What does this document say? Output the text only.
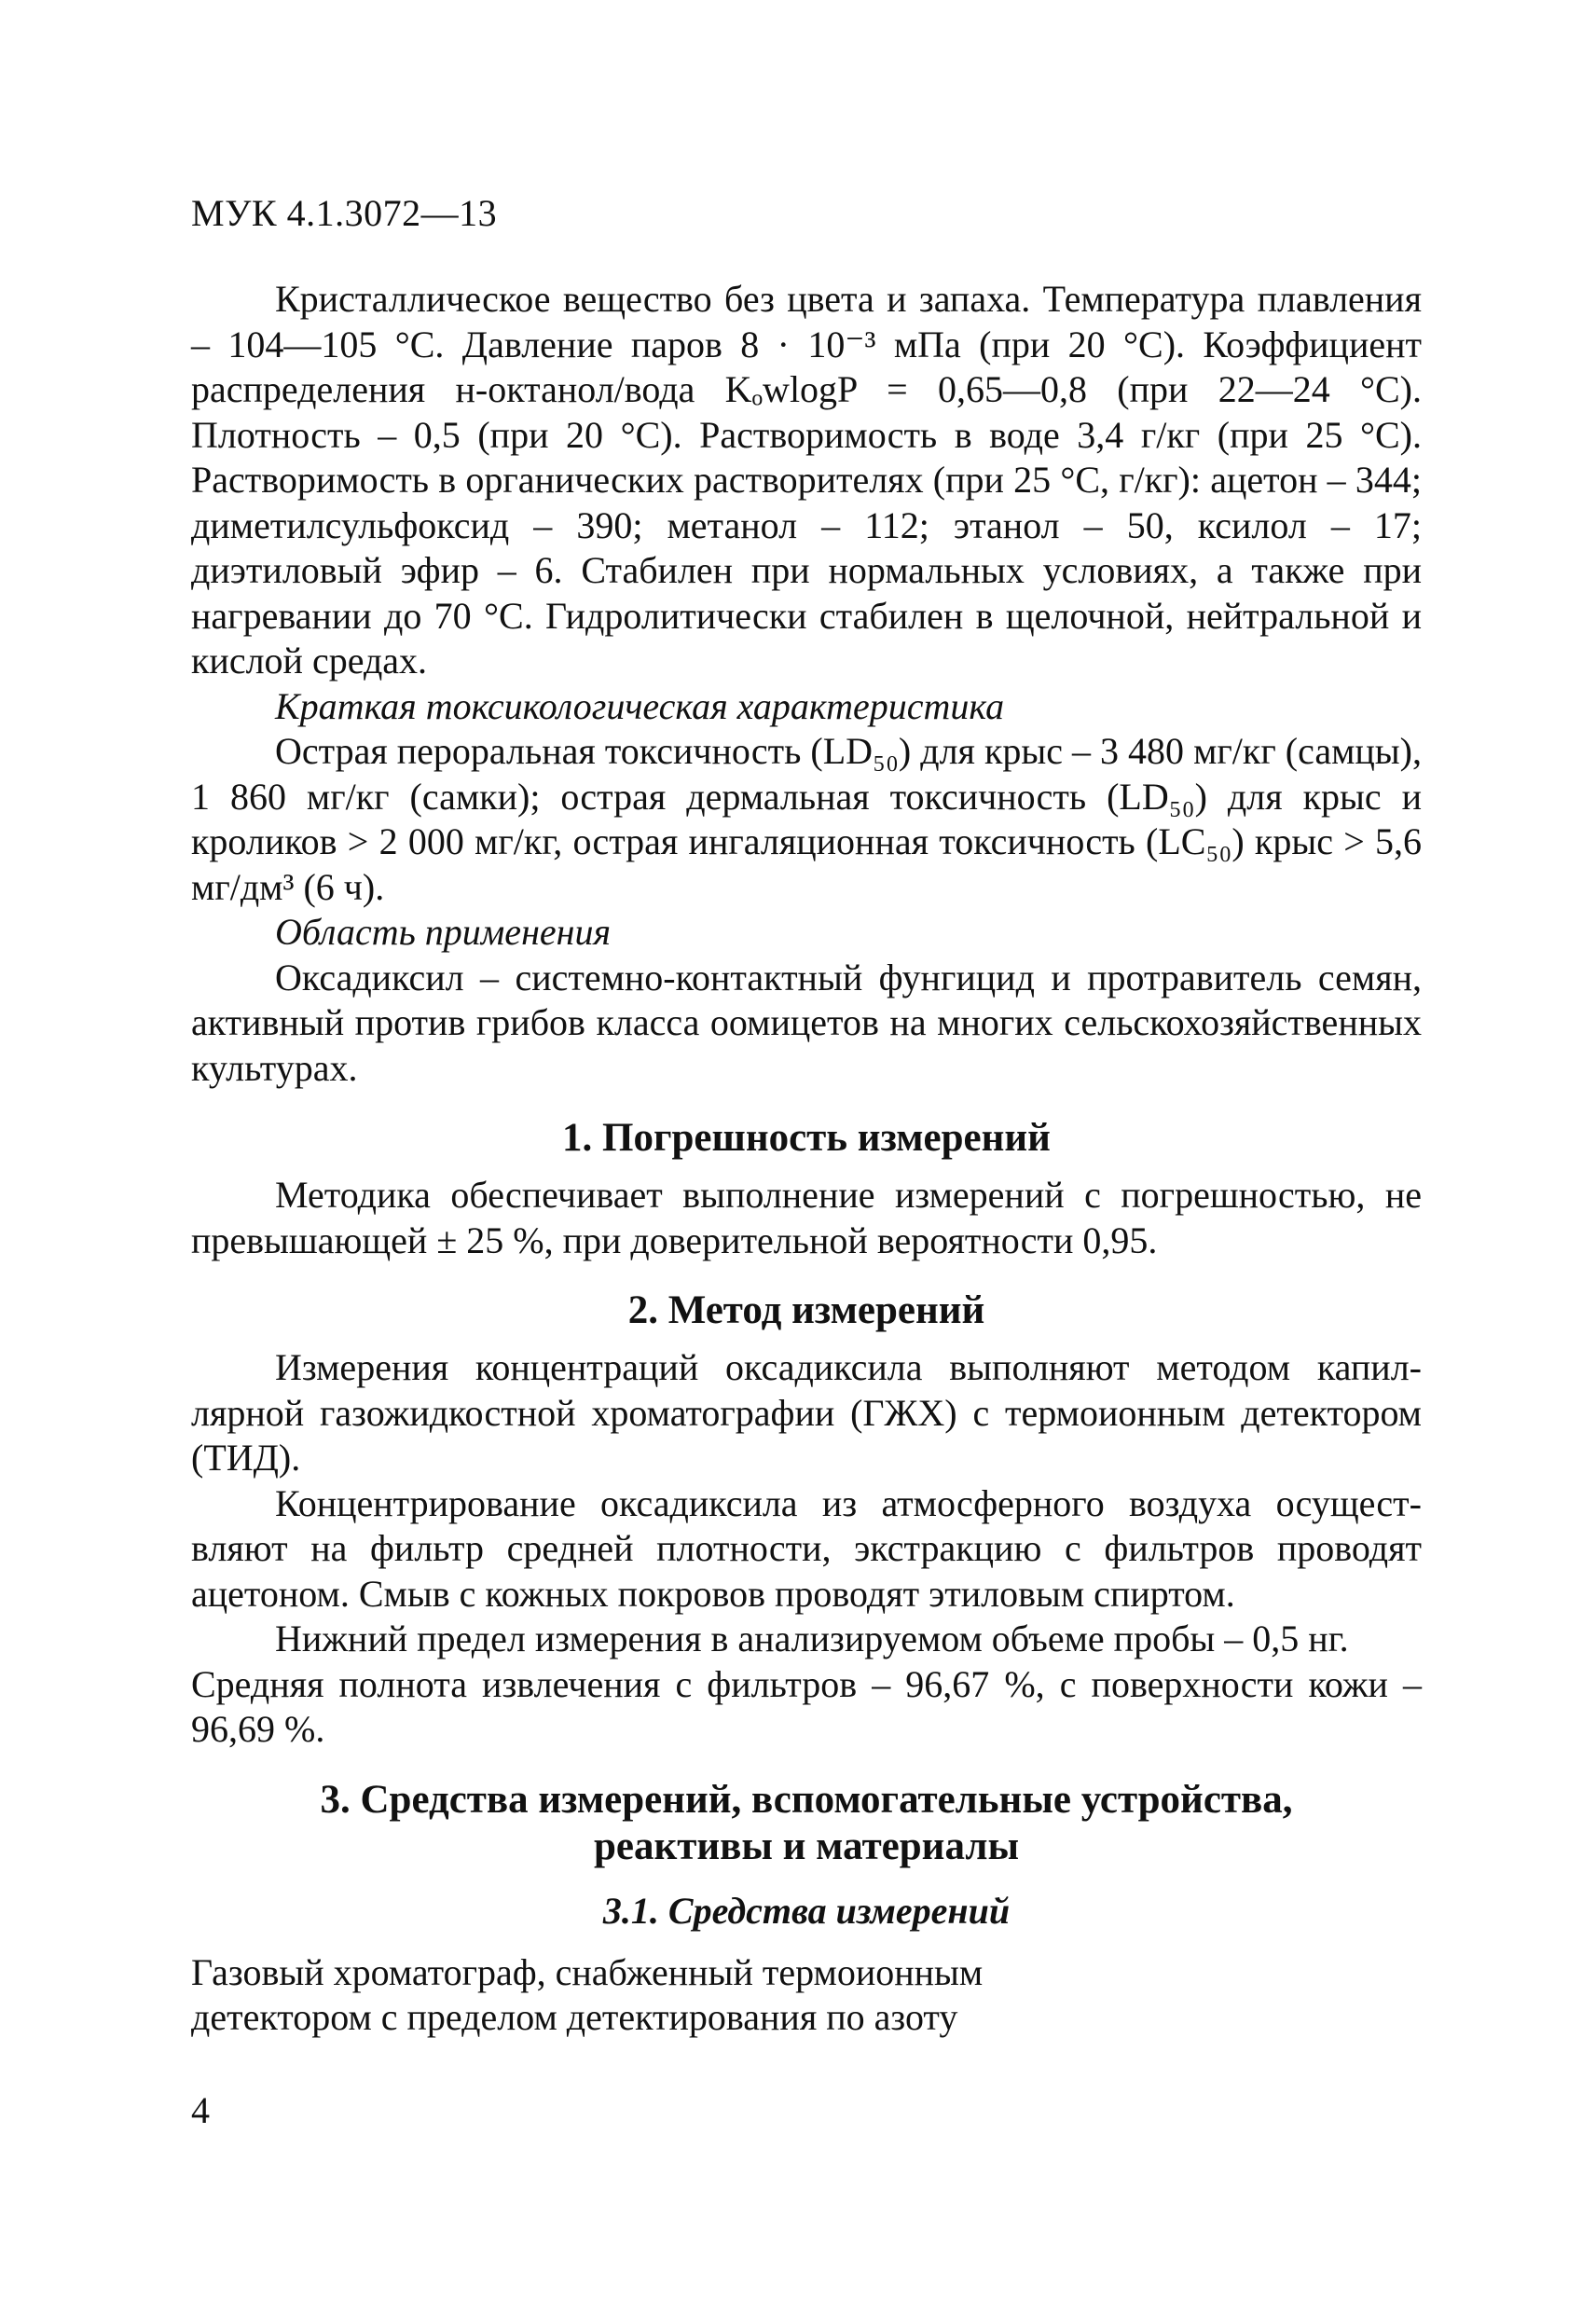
МУК 4.1.3072—13

Кристаллическое вещество без цвета и запаха. Температура плавления – 104—105 °С. Давление паров 8 · 10⁻³ мПа (при 20 °С). Коэффициент распределения н-октанол/вода KₒwlogP = 0,65—0,8 (при 22—24 °С). Плотность – 0,5 (при 20 °С). Растворимость в воде 3,4 г/кг (при 25 °С). Растворимость в органических растворителях (при 25 °С, г/кг): ацетон – 344; диметилсульфоксид – 390; метанол – 112; этанол – 50, ксилол – 17; диэтиловый эфир – 6. Стабилен при нормальных условиях, а также при нагревании до 70 °С. Гидролитически стабилен в щелочной, нейтральной и кислой средах.

Краткая токсикологическая характеристика

Острая пероральная токсичность (LD₅₀) для крыс – 3 480 мг/кг (самцы), 1 860 мг/кг (самки); острая дермальная токсичность (LD₅₀) для крыс и кроликов > 2 000 мг/кг, острая ингаляционная токсичность (LC₅₀) крыс > 5,6 мг/дм³ (6 ч).

Область применения

Оксадиксил – системно-контактный фунгицид и протравитель семян, активный против грибов класса оомицетов на многих сельскохозяйственных культурах.

1. Погрешность измерений

Методика обеспечивает выполнение измерений с погрешностью, не превышающей ± 25 %, при доверительной вероятности 0,95.

2. Метод измерений

Измерения концентраций оксадиксила выполняют методом капиллярной газожидкостной хроматографии (ГЖХ) с термоионным детектором (ТИД).

Концентрирование оксадиксила из атмосферного воздуха осуществляют на фильтр средней плотности, экстракцию с фильтров проводят ацетоном. Смыв с кожных покровов проводят этиловым спиртом.

Нижний предел измерения в анализируемом объеме пробы – 0,5 нг.

Средняя полнота извлечения с фильтров – 96,67 %, с поверхности кожи – 96,69 %.

3. Средства измерений, вспомогательные устройства,
реактивы и материалы
3.1. Средства измерений
Газовый хроматограф, снабженный термоионным
детектором с пределом детектирования по азоту
4
